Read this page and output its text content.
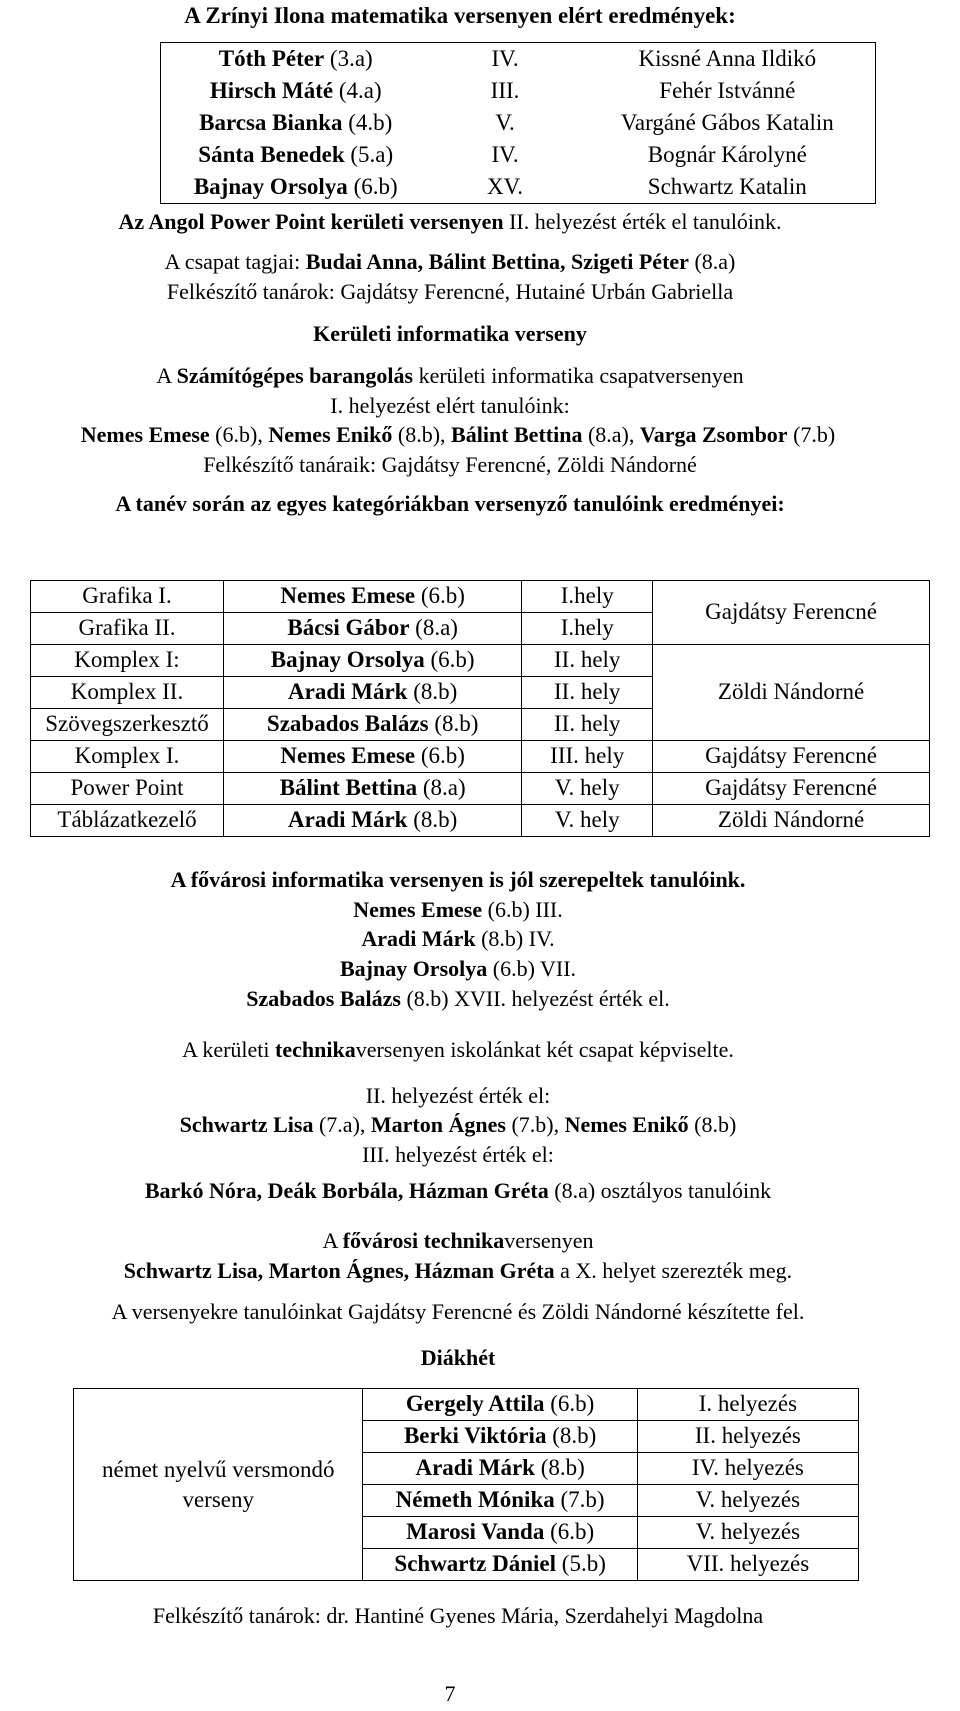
A Zrínyi Ilona matematika versenyen elért eredmények:
Tóth Péter (3.a)	IV.	Kissné Anna Ildikó
Hirsch Máté (4.a)	III.	Fehér Istvánné
Barcsa Bianka (4.b)	V.	Vargáné Gábos Katalin
Sánta Benedek (5.a)	IV.	Bognár Károlyné
Bajnay Orsolya (6.b)	XV.	Schwartz Katalin
Az Angol Power Point kerületi versenyen II. helyezést érték el tanulóink.
A csapat tagjai: Budai Anna, Bálint Bettina, Szigeti Péter (8.a)
Felkészítő tanárok: Gajdátsy Ferencné, Hutainé Urbán Gabriella
Kerületi informatika verseny
A Számítógépes barangolás kerületi informatika csapatversenyen
I. helyezést elért tanulóink:
Nemes Emese (6.b), Nemes Enikő (8.b), Bálint Bettina (8.a), Varga Zsombor (7.b)
Felkészítő tanáraik: Gajdátsy Ferencné, Zöldi Nándorné
A tanév során az egyes kategóriákban versenyző tanulóink eredményei:
Grafika I.	Nemes Emese (6.b)	I.hely	Gajdátsy Ferencné
Grafika II.	Bácsi Gábor (8.a)	I.hely	
Komplex I:	Bajnay Orsolya (6.b)	II. hely	Zöldi Nándorné
Komplex II.	Aradi Márk (8.b)	II. hely	
Szövegszerkesztő	Szabados Balázs (8.b)	II. hely	
Komplex I.	Nemes Emese (6.b)	III. hely	Gajdátsy Ferencné
Power Point	Bálint Bettina (8.a)	V. hely	Gajdátsy Ferencné
Táblázatkezelő	Aradi Márk (8.b)	V. hely	Zöldi Nándorné
A fővárosi informatika versenyen is jól szerepeltek tanulóink.
Nemes Emese (6.b) III.
Aradi Márk (8.b) IV.
Bajnay Orsolya (6.b) VII.
Szabados Balázs (8.b) XVII. helyezést érték el.
A kerületi technikaversenyen iskolánkat két csapat képviselte.
II. helyezést érték el:
Schwartz Lisa (7.a), Marton Ágnes (7.b), Nemes Enikő (8.b)
III. helyezést érték el:
Barkó Nóra, Deák Borbála, Házman Gréta (8.a) osztályos tanulóink
A fővárosi technikaversenyen
Schwartz Lisa, Marton Ágnes, Házman Gréta a X. helyet szerezték meg.
A versenyekre tanulóinkat Gajdátsy Ferencné és Zöldi Nándorné készítette fel.
Diákhét
német nyelvű versmondó verseny	Gergely Attila (6.b)	I. helyezés
	Berki Viktória (8.b)	II. helyezés
	Aradi Márk (8.b)	IV. helyezés
	Németh Mónika (7.b)	V. helyezés
	Marosi Vanda (6.b)	V. helyezés
	Schwartz Dániel (5.b)	VII. helyezés
Felkészítő tanárok: dr. Hantiné Gyenes Mária, Szerdahelyi Magdolna
7
